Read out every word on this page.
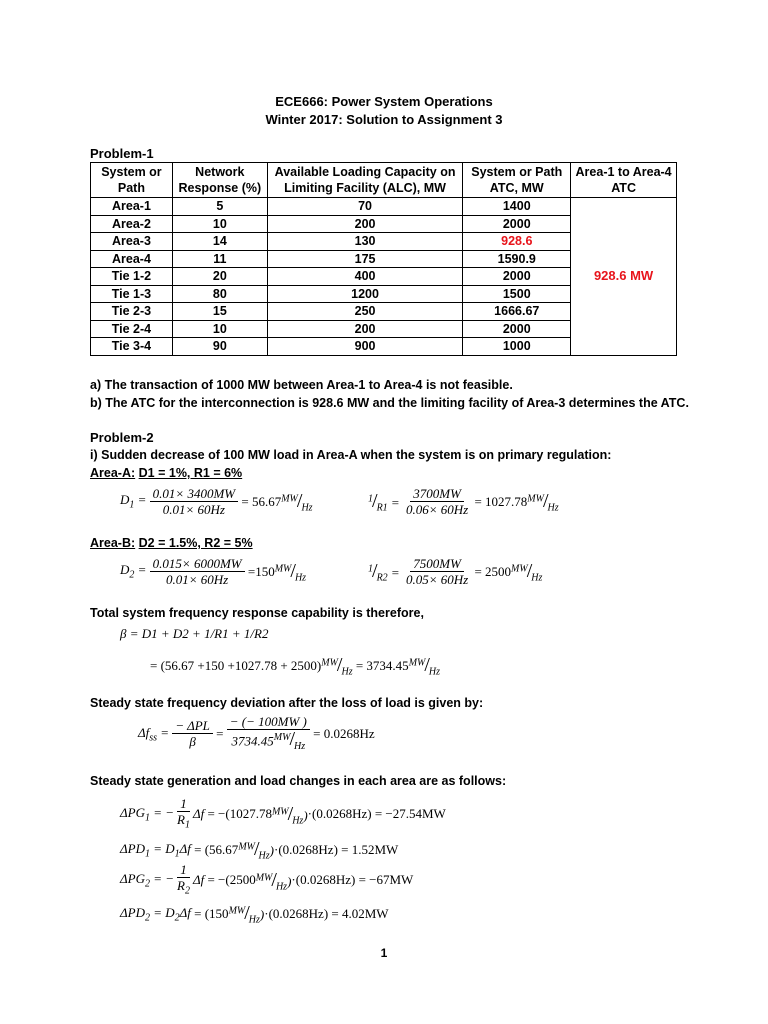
ECE666: Power System Operations
Winter 2017: Solution to Assignment 3
Problem-1
System or Path	Network Response (%)	Available Loading Capacity on Limiting Facility (ALC), MW	System or Path ATC, MW	Area-1 to Area-4 ATC
Area-1	5	70	1400	928.6 MW
Area-2	10	200	2000	
Area-3	14	130	928.6	
Area-4	11	175	1590.9	
Tie 1-2	20	400	2000	
Tie 1-3	80	1200	1500	
Tie 2-3	15	250	1666.67	
Tie 2-4	10	200	2000	
Tie 3-4	90	900	1000	
a) The transaction of 1000 MW between Area-1 to Area-4 is not feasible.
b) The ATC for the interconnection is 928.6 MW and the limiting facility of Area-3 determines the ATC.
Problem-2
i) Sudden decrease of 100 MW load in Area-A when the system is on primary regulation:
Area-A: D1 = 1%, R1 = 6%
$D_1 = \frac{0.01\times 3400MW}{0.01\times 60Hz} = 56.67$ $^{MW}/_{Hz}$
$^1/_{R1} = \frac{3700MW}{0.06\times 60Hz} = 1027.78$ $^{MW}/_{Hz}$
Area-B: D2 = 1.5%, R2 = 5%
$D_2 = \frac{0.015\times 6000MW}{0.01\times 60Hz} =150$ $^{MW}/_{Hz}$
$^1/_{R2} = \frac{7500MW}{0.05\times 60Hz} = 2500$ $^{MW}/_{Hz}$
Total system frequency response capability is therefore,
β = D1 + D2 + 1/R1 + 1/R2
= (56.67 +150 +1027.78 + 2500) $^{MW}/_{Hz} = 3734.45$ $^{MW}/_{Hz}$
Steady state frequency deviation after the loss of load is given by:
$\Delta f_{ss} = \frac{\text{− ΔPL}}{\beta} = \frac{- (- 100MW )}{3734.45^{MW}/_{Hz}} = 0.0268Hz$
Steady state generation and load changes in each area are as follows:
$\Delta PG_1$ = − $\frac{1}{R_1}$ Δf = −(1027.78 $^{MW}/_{Hz}) \cdot(0.0268Hz) = -27.54MW$
$\Delta PD_1 = D_1\Delta f = (56.67$ $^{MW}/_{Hz}) \cdot(0.0268Hz) = 1.52MW$
$\Delta PG_2$ = − $\frac{1}{R_2}$ Δf = −(2500 $^{MW}/_{Hz}) \cdot(0.0268Hz) = -67MW$
$\Delta PD_2 = D_2\Delta f = (150$ $^{MW}/_{Hz}) \cdot(0.0268Hz) = 4.02MW$
1
